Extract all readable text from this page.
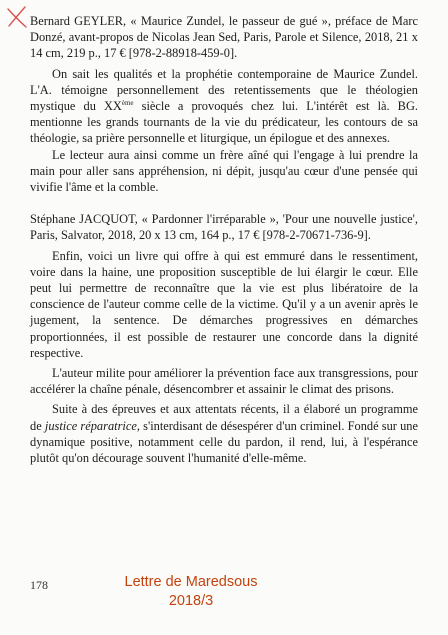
Bernard GEYLER, « Maurice Zundel, le passeur de gué », préface de Marc Donzé, avant-propos de Nicolas Jean Sed, Paris, Parole et Silence, 2018, 21 x 14 cm, 219 p., 17 € [978-2-88918-459-0].

On sait les qualités et la prophétie contemporaine de Maurice Zundel. L'A. témoigne personnellement des retentissements que le théologien mystique du XXème siècle a provoqués chez lui. L'intérêt est là. BG. mentionne les grands tournants de la vie du prédicateur, les contours de sa théologie, sa prière personnelle et liturgique, un épilogue et des annexes.

Le lecteur aura ainsi comme un frère aîné qui l'engage à lui prendre la main pour aller sans appréhension, ni dépit, jusqu'au cœur d'une pensée qui vivifie l'âme et la comble.

Stéphane JACQUOT, « Pardonner l'irréparable », 'Pour une nouvelle justice', Paris, Salvator, 2018, 20 x 13 cm, 164 p., 17 € [978-2-70671-736-9].

Enfin, voici un livre qui offre à qui est emmuré dans le ressentiment, voire dans la haine, une proposition susceptible de lui élargir le cœur. Elle peut lui permettre de reconnaître que la vie est plus libératoire de la conscience de l'auteur comme celle de la victime. Qu'il y a un avenir après le jugement, la sentence. De démarches progressives en démarches proportionnées, il est possible de restaurer une concorde dans la dignité respective.

L'auteur milite pour améliorer la prévention face aux transgressions, pour accélérer la chaîne pénale, désencombrer et assainir le climat des prisons.

Suite à des épreuves et aux attentats récents, il a élaboré un programme de justice réparatrice, s'interdisant de désespérer d'un criminel. Fondé sur une dynamique positive, notamment celle du pardon, il rend, lui, à l'espérance plutôt qu'on décourage souvent l'humanité d'elle-même.

178	Lettre de Maredsous
2018/3
